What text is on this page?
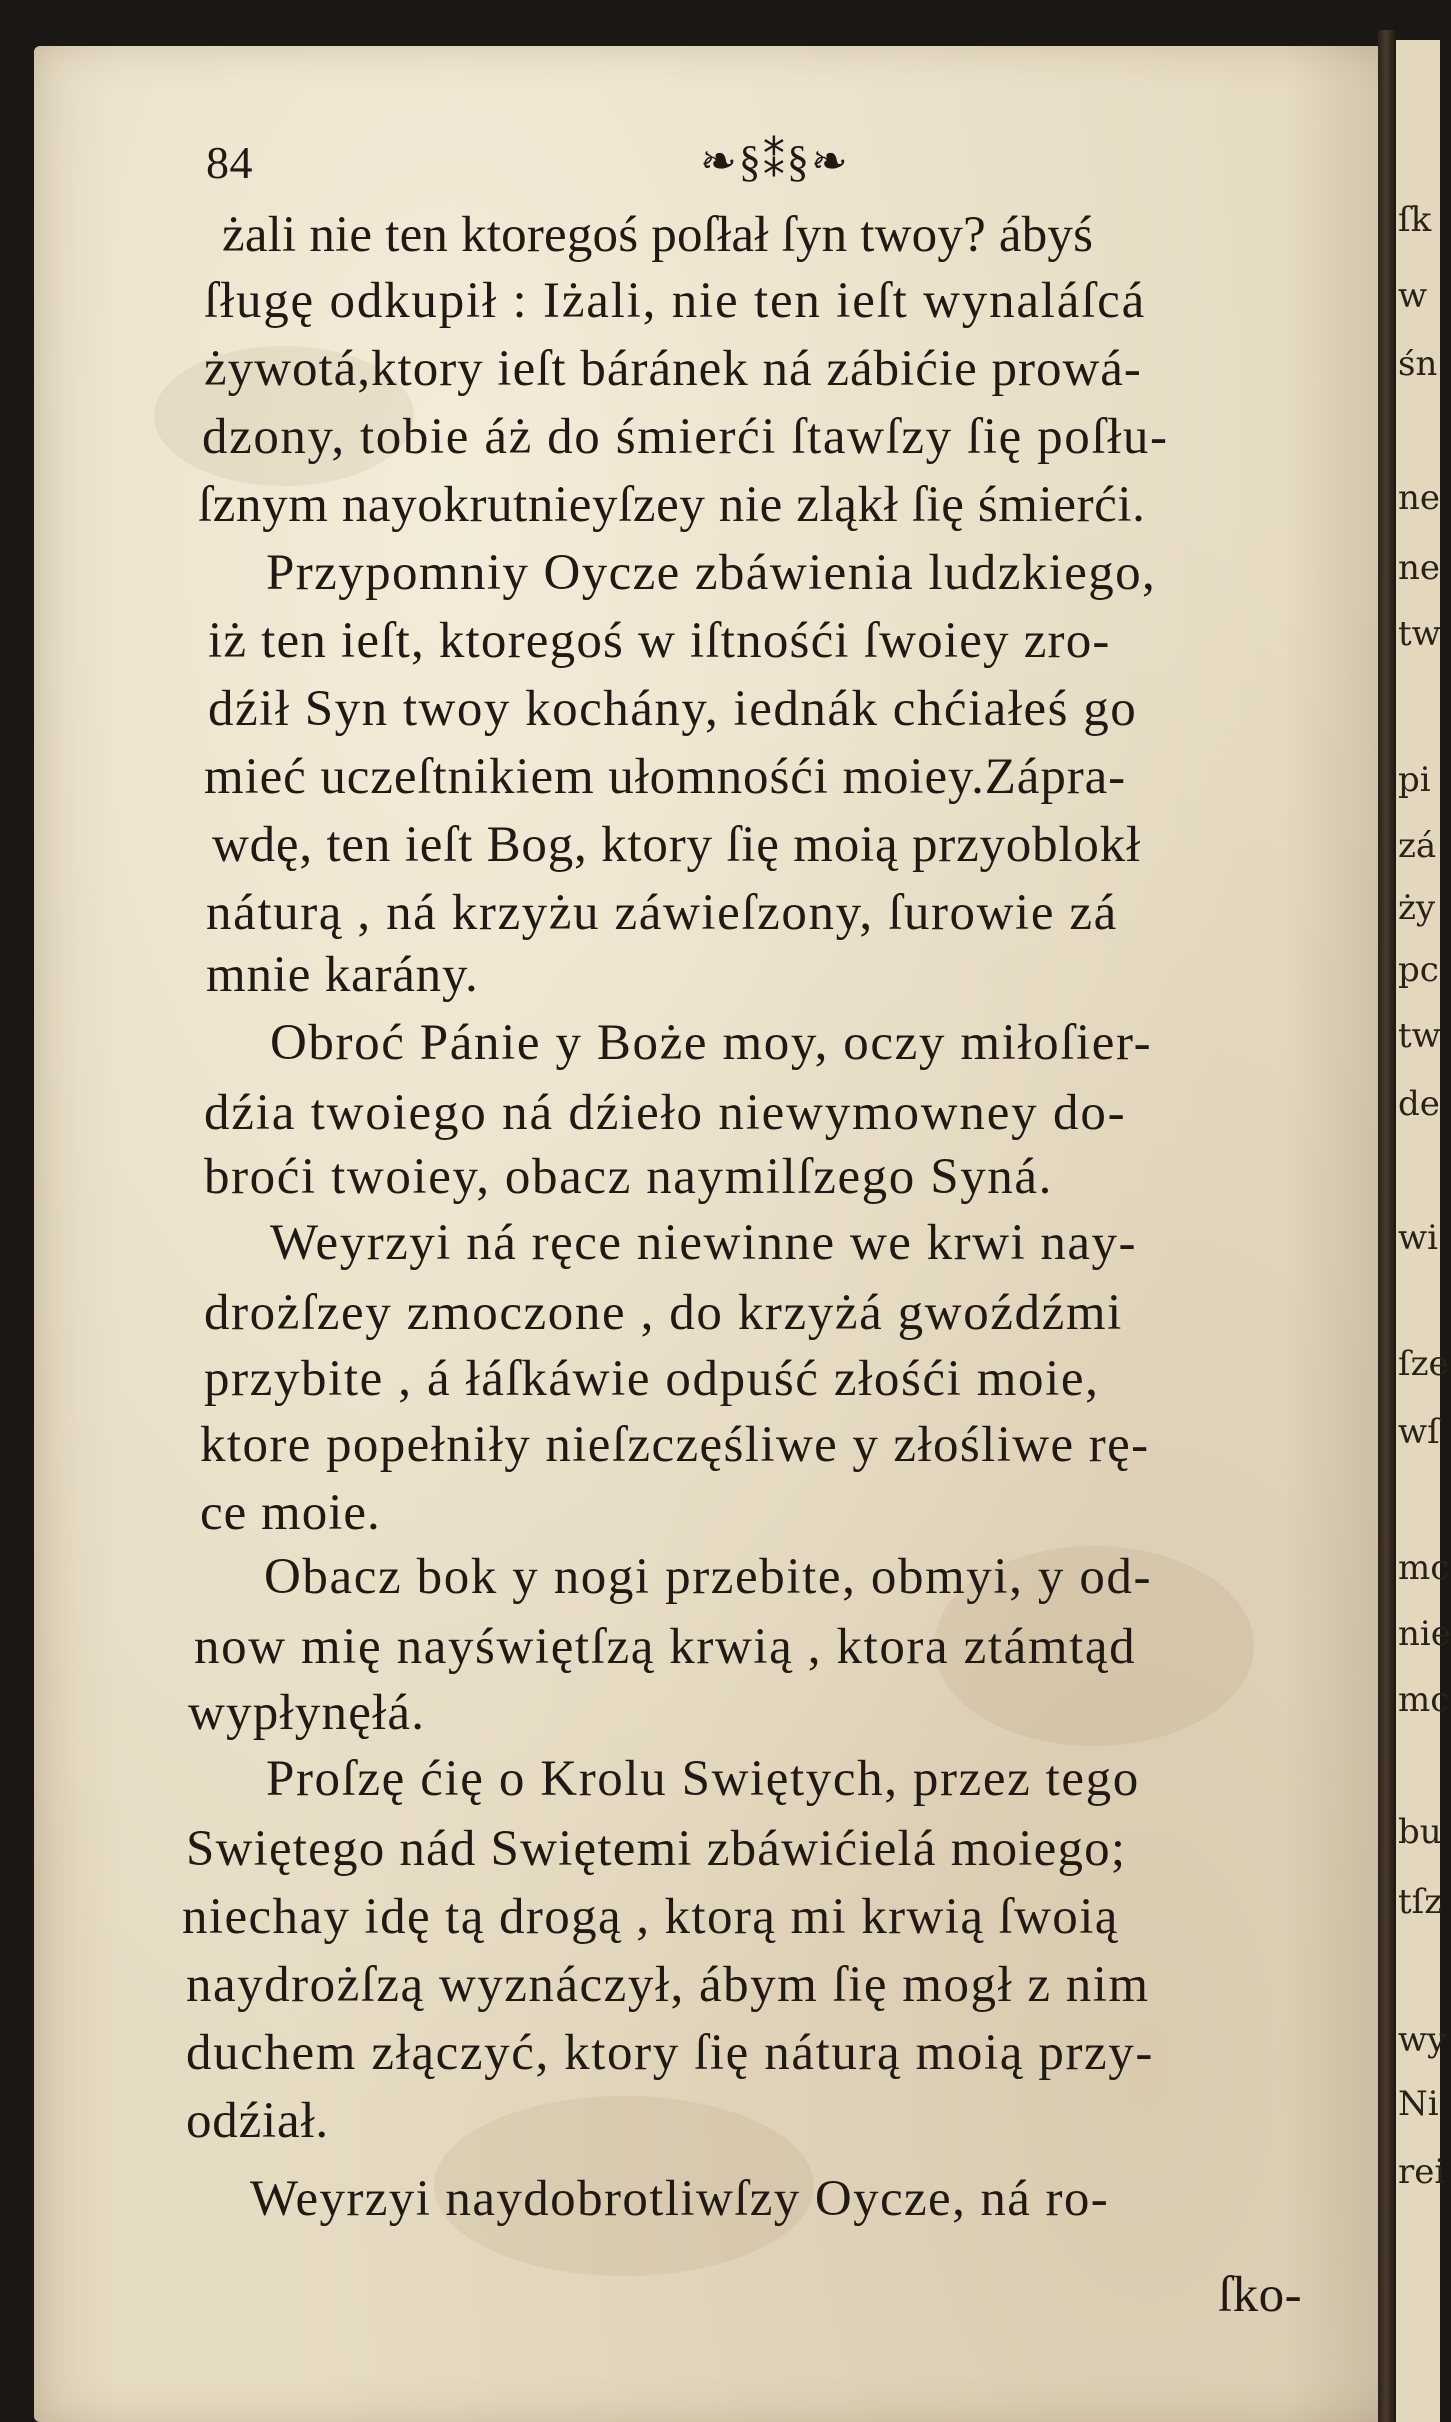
ſk
w
śn
ne
ne
tw
pi
zá
ży
pc
tw
de
wi
ſze
wſ
mc
nie
mc
bu
tſz
wy
Ni
rei
84	❧§⁑§❧
żali nie ten ktoregoś poſłał ſyn twoy? ábyś
ſługę odkupił : Iżali, nie ten ieſt wynaláſcá
żywotá,ktory ieſt báránek ná zábićie prowá-
dzony, tobie áż do śmierći ſtawſzy ſię poſłu-
ſznym nayokrutnieyſzey nie zląkł ſię śmierći.
Przypomniy Oycze zbáwienia ludzkiego,
iż ten ieſt, ktoregoś w iſtnośći ſwoiey zro-
dźił Syn twoy kochány, iednák chćiałeś go
mieć uczeſtnikiem ułomnośći moiey.Zápra-
wdę, ten ieſt Bog, ktory ſię moią przyoblokł
náturą , ná krzyżu záwieſzony, ſurowie zá
mnie karány.
Obroć Pánie y Boże moy, oczy miłoſier-
dźia twoiego ná dźieło niewymowney do-
broći twoiey, obacz naymilſzego Syná.
Weyrzyi ná ręce niewinne we krwi nay-
drożſzey zmoczone , do krzyżá gwoźdźmi
przybite , á łáſkáwie odpuść złośći moie,
ktore popełniły nieſzczęśliwe y złośliwe rę-
ce moie.
Obacz bok y nogi przebite, obmyi, y od-
now mię nayświętſzą krwią , ktora ztámtąd
wypłynęłá.
Proſzę ćię o Krolu Swiętych, przez tego
Swiętego nád Swiętemi zbáwićielá moiego;
niechay idę tą drogą , ktorą mi krwią ſwoią
naydrożſzą wyznáczył, ábym ſię mogł z nim
duchem złączyć, ktory ſię náturą moią przy-
odźiał.
Weyrzyi naydobrotliwſzy Oycze, ná ro-
ſko-
